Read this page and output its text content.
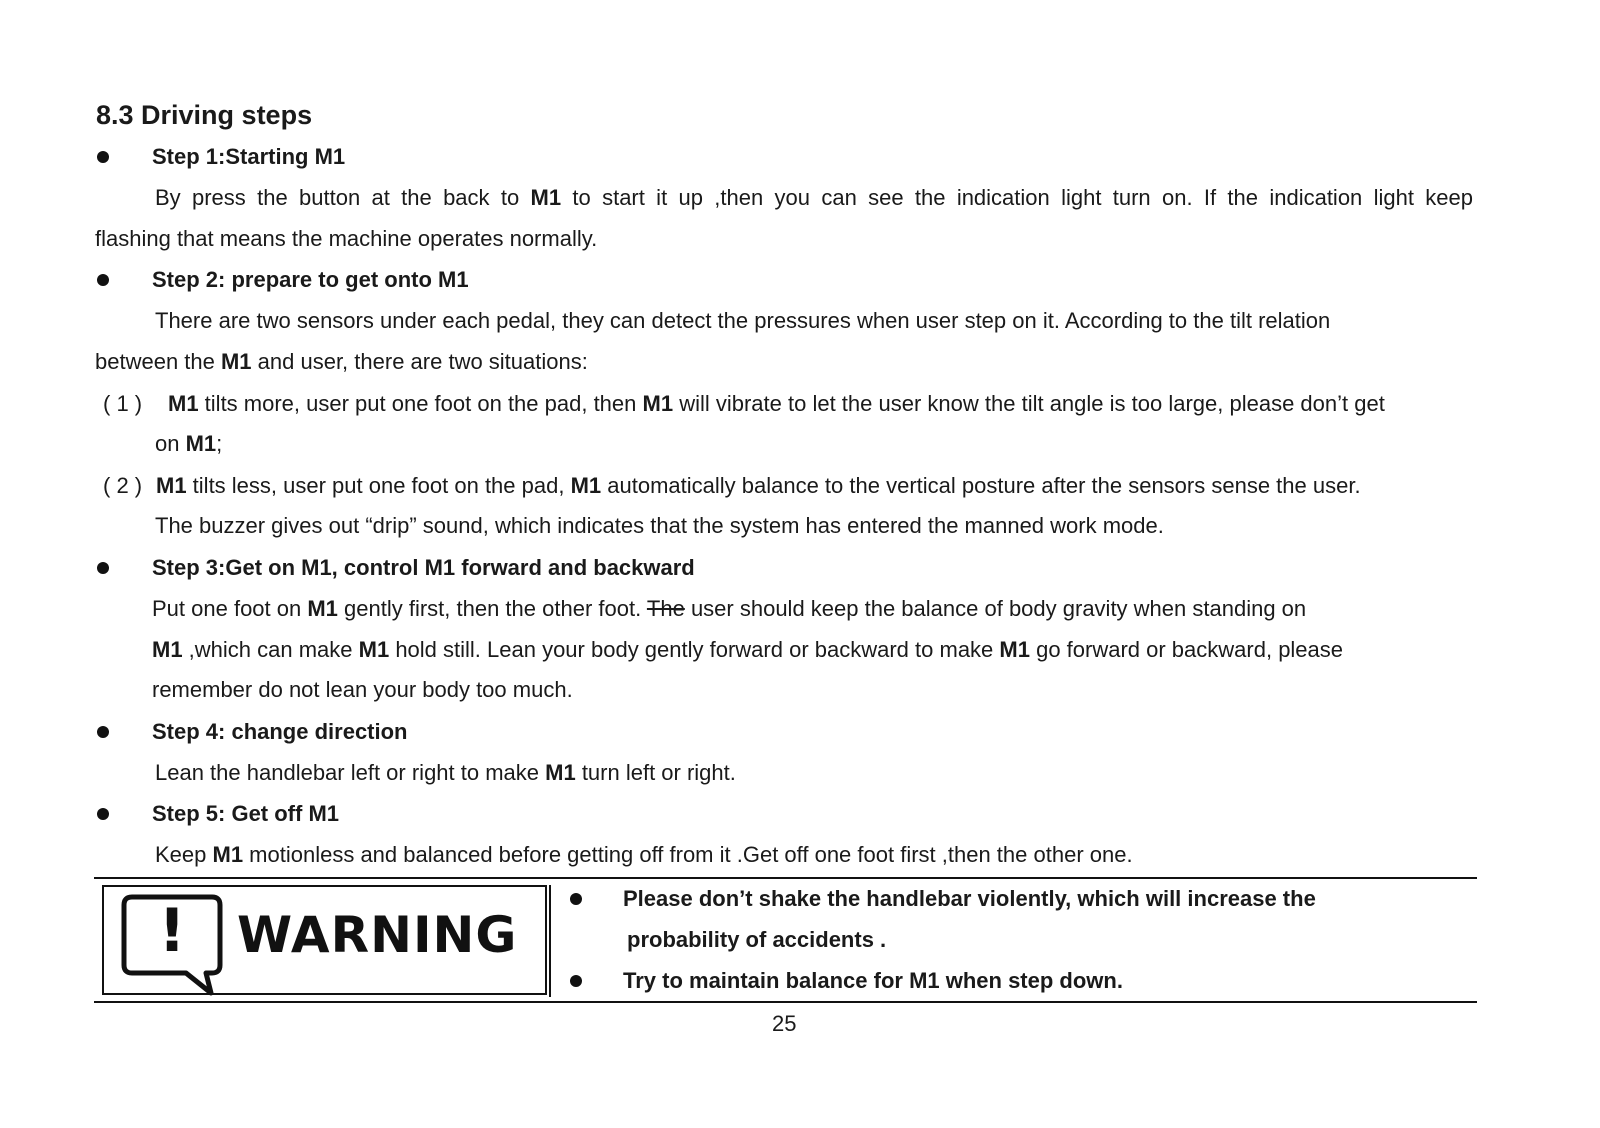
8.3 Driving steps
Step 1:Starting M1
By press the button at the back to M1 to start it up ,then you can see the indication light turn on. If the indication light keep
flashing that means the machine operates normally.
Step 2: prepare to get onto M1
There are two sensors under each pedal, they can detect the pressures when user step on it. According to the tilt relation
between the M1 and user, there are two situations:
( 1 ) M1 tilts more, user put one foot on the pad, then M1 will vibrate to let the user know the tilt angle is too large, please don’t get
on M1;
( 2 ) M1 tilts less, user put one foot on the pad, M1 automatically balance to the vertical posture after the sensors sense the user.
The buzzer gives out “drip” sound, which indicates that the system has entered the manned work mode.
Step 3:Get on M1, control M1 forward and backward
Put one foot on M1 gently first, then the other foot. The user should keep the balance of body gravity when standing on
M1 ,which can make M1 hold still. Lean your body gently forward or backward to make M1 go forward or backward, please
remember do not lean your body too much.
Step 4: change direction
Lean the handlebar left or right to make M1 turn left or right.
Step 5: Get off M1
Keep M1 motionless and balanced before getting off from it .Get off one foot first ,then the other one.
! WARNING
Please don’t shake the handlebar violently, which will increase the
probability of accidents .
Try to maintain balance for M1 when step down.
25
